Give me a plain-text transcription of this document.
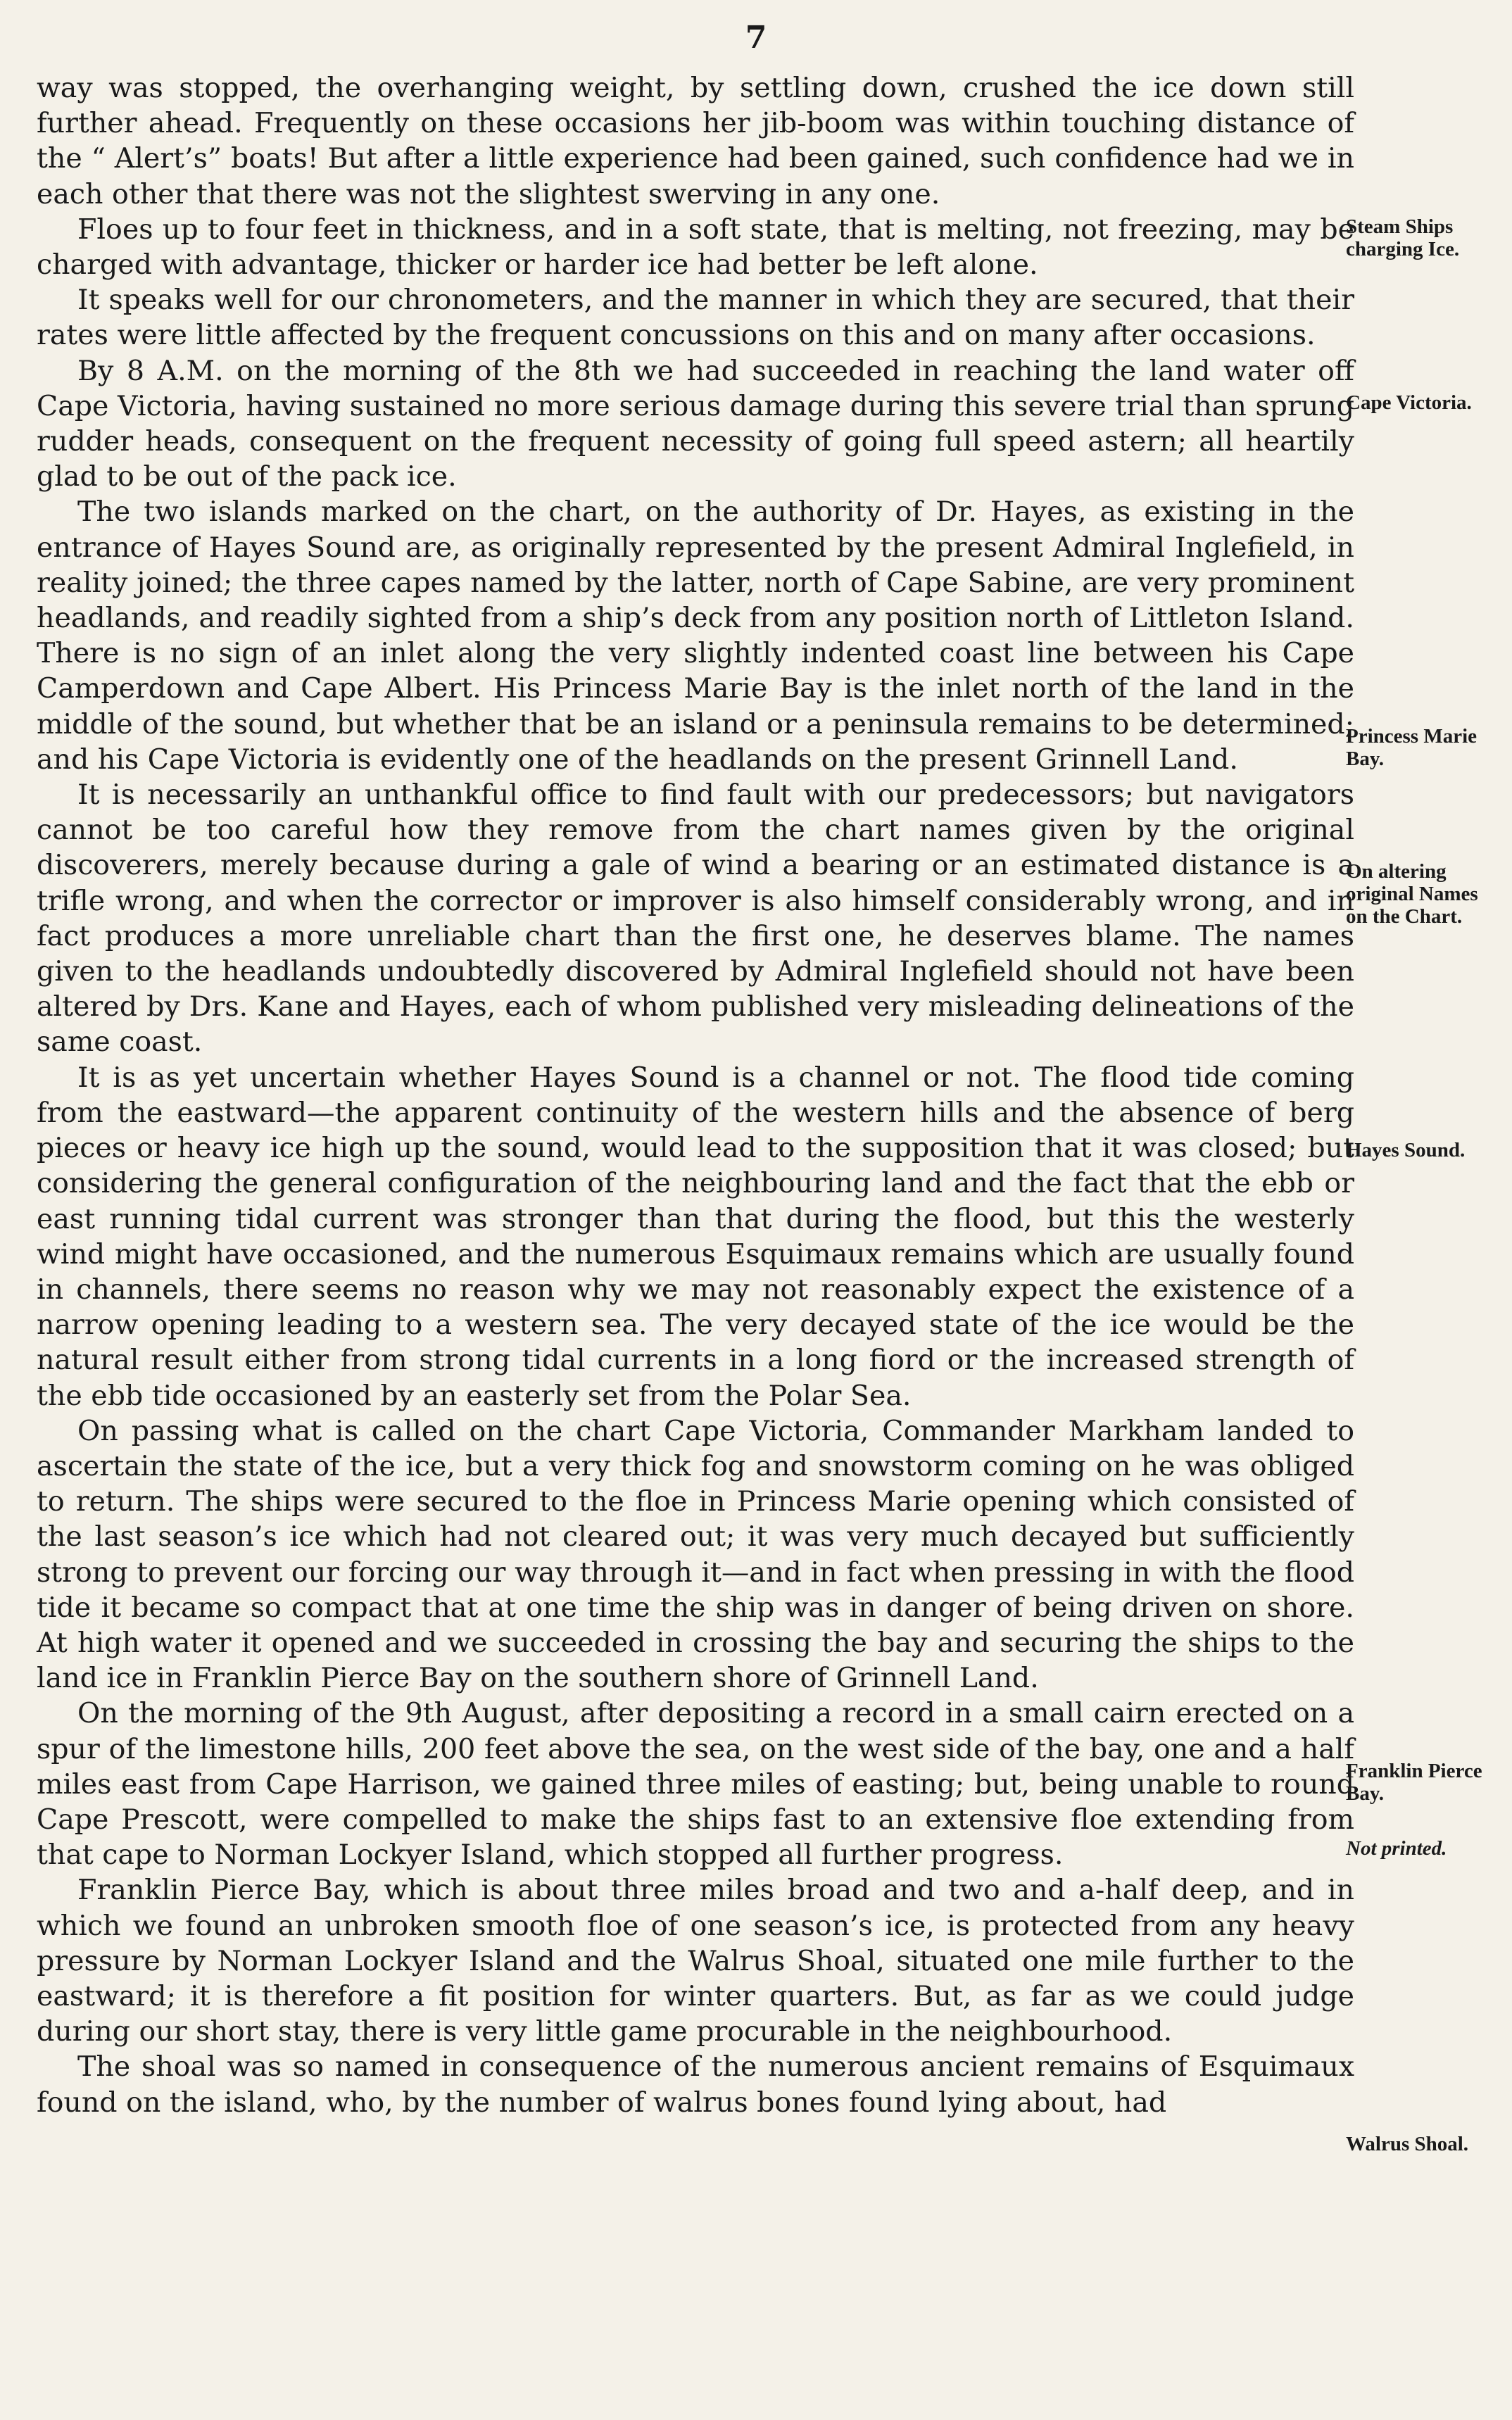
7

way was stopped, the overhanging weight, by settling down, crushed the ice down still further ahead. Frequently on these occasions her jib-boom was within touching distance of the “ Alert’s” boats! But after a little experience had been gained, such confidence had we in each other that there was not the slightest swerving in any one.

Floes up to four feet in thickness, and in a soft state, that is melting, not freezing, may be charged with advantage, thicker or harder ice had better be left alone.

It speaks well for our chronometers, and the manner in which they are secured, that their rates were little affected by the frequent concussions on this and on many after occasions.

By 8 A.M. on the morning of the 8th we had succeeded in reaching the land water off Cape Victoria, having sustained no more serious damage during this severe trial than sprung rudder heads, consequent on the frequent necessity of going full speed astern; all heartily glad to be out of the pack ice.

The two islands marked on the chart, on the authority of Dr. Hayes, as existing in the entrance of Hayes Sound are, as originally represented by the present Admiral Inglefield, in reality joined; the three capes named by the latter, north of Cape Sabine, are very prominent headlands, and readily sighted from a ship’s deck from any position north of Littleton Island. There is no sign of an inlet along the very slightly indented coast line between his Cape Camperdown and Cape Albert. His Princess Marie Bay is the inlet north of the land in the middle of the sound, but whether that be an island or a peninsula remains to be determined; and his Cape Victoria is evidently one of the headlands on the present Grinnell Land.

It is necessarily an unthankful office to find fault with our predecessors; but navigators cannot be too careful how they remove from the chart names given by the original discoverers, merely because during a gale of wind a bearing or an estimated distance is a trifle wrong, and when the corrector or improver is also himself considerably wrong, and in fact produces a more unreliable chart than the first one, he deserves blame. The names given to the headlands undoubtedly discovered by Admiral Inglefield should not have been altered by Drs. Kane and Hayes, each of whom published very misleading delineations of the same coast.

It is as yet uncertain whether Hayes Sound is a channel or not. The flood tide coming from the eastward—the apparent continuity of the western hills and the absence of berg pieces or heavy ice high up the sound, would lead to the supposition that it was closed; but considering the general configuration of the neighbouring land and the fact that the ebb or east running tidal current was stronger than that during the flood, but this the westerly wind might have occasioned, and the numerous Esquimaux remains which are usually found in channels, there seems no reason why we may not reasonably expect the existence of a narrow opening leading to a western sea. The very decayed state of the ice would be the natural result either from strong tidal currents in a long fiord or the increased strength of the ebb tide occasioned by an easterly set from the Polar Sea.

On passing what is called on the chart Cape Victoria, Commander Markham landed to ascertain the state of the ice, but a very thick fog and snowstorm coming on he was obliged to return. The ships were secured to the floe in Princess Marie opening which consisted of the last season’s ice which had not cleared out; it was very much decayed but sufficiently strong to prevent our forcing our way through it—and in fact when pressing in with the flood tide it became so compact that at one time the ship was in danger of being driven on shore. At high water it opened and we succeeded in crossing the bay and securing the ships to the land ice in Franklin Pierce Bay on the southern shore of Grinnell Land.

On the morning of the 9th August, after depositing a record in a small cairn erected on a spur of the limestone hills, 200 feet above the sea, on the west side of the bay, one and a half miles east from Cape Harrison, we gained three miles of easting; but, being unable to round Cape Prescott, were compelled to make the ships fast to an extensive floe extending from that cape to Norman Lockyer Island, which stopped all further progress.

Franklin Pierce Bay, which is about three miles broad and two and a-half deep, and in which we found an unbroken smooth floe of one season’s ice, is protected from any heavy pressure by Norman Lockyer Island and the Walrus Shoal, situated one mile further to the eastward; it is therefore a fit position for winter quarters. But, as far as we could judge during our short stay, there is very little game procurable in the neighbourhood.

The shoal was so named in consequence of the numerous ancient remains of Esquimaux found on the island, who, by the number of walrus bones found lying about, had

Steam Ships charging Ice.
Cape Victoria.
Princess Marie Bay.
On altering original Names on the Chart.
Hayes Sound.
Franklin Pierce Bay.
Not printed.
Walrus Shoal.
